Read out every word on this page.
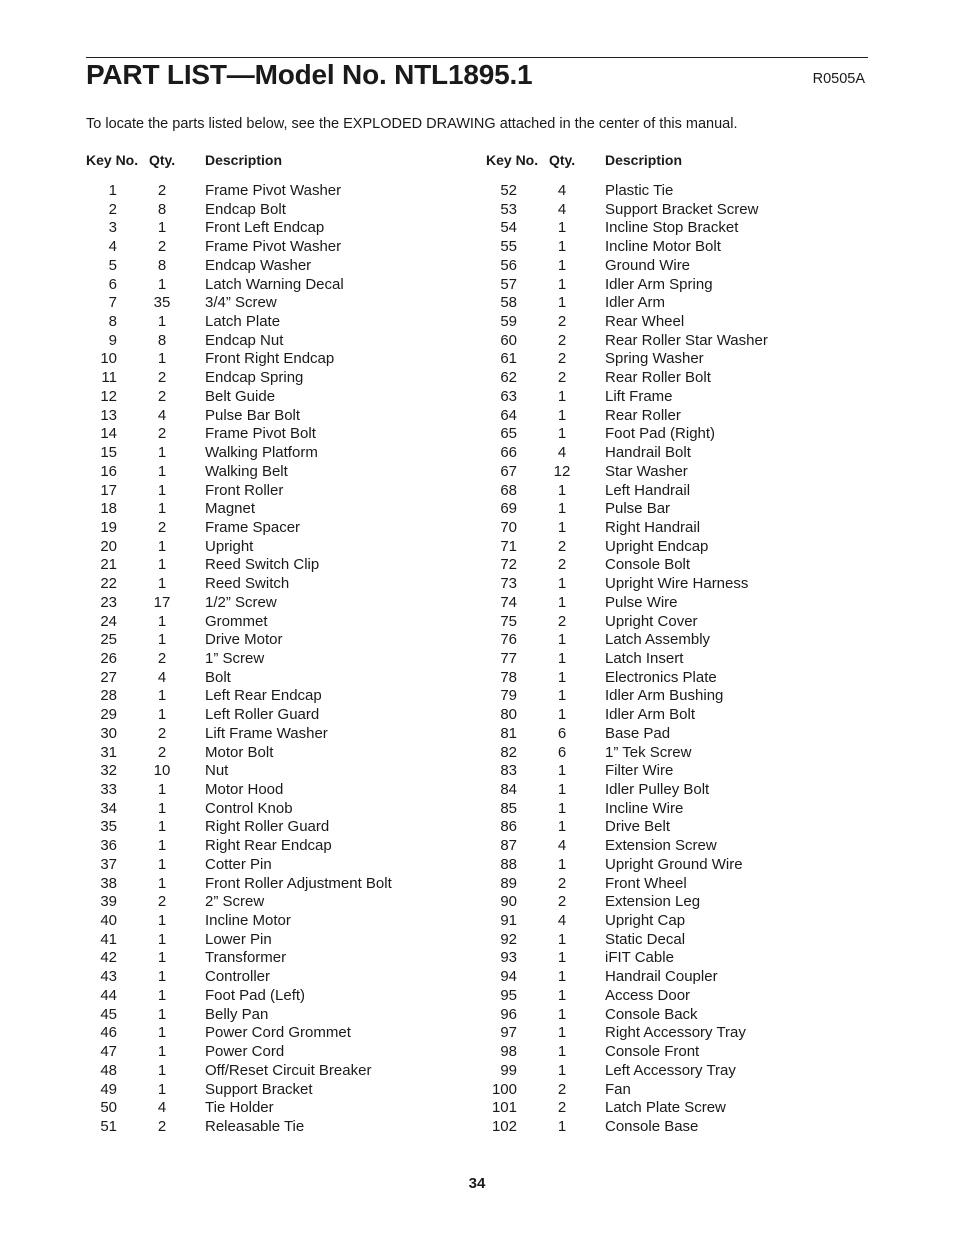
PART LIST—Model No. NTL1895.1	R0505A
To locate the parts listed below, see the EXPLODED DRAWING attached in the center of this manual.
Key No. Qty. Description
1	2	Frame Pivot Washer
2	8	Endcap Bolt
3	1	Front Left Endcap
4	2	Frame Pivot Washer
5	8	Endcap Washer
6	1	Latch Warning Decal
7	35	3/4” Screw
8	1	Latch Plate
9	8	Endcap Nut
10	1	Front Right Endcap
11	2	Endcap Spring
12	2	Belt Guide
13	4	Pulse Bar Bolt
14	2	Frame Pivot Bolt
15	1	Walking Platform
16	1	Walking Belt
17	1	Front Roller
18	1	Magnet
19	2	Frame Spacer
20	1	Upright
21	1	Reed Switch Clip
22	1	Reed Switch
23	17	1/2” Screw
24	1	Grommet
25	1	Drive Motor
26	2	1” Screw
27	4	Bolt
28	1	Left Rear Endcap
29	1	Left Roller Guard
30	2	Lift Frame Washer
31	2	Motor Bolt
32	10	Nut
33	1	Motor Hood
34	1	Control Knob
35	1	Right Roller Guard
36	1	Right Rear Endcap
37	1	Cotter Pin
38	1	Front Roller Adjustment Bolt
39	2	2” Screw
40	1	Incline Motor
41	1	Lower Pin
42	1	Transformer
43	1	Controller
44	1	Foot Pad (Left)
45	1	Belly Pan
46	1	Power Cord Grommet
47	1	Power Cord
48	1	Off/Reset Circuit Breaker
49	1	Support Bracket
50	4	Tie Holder
51	2	Releasable Tie
Key No. Qty. Description
52	4	Plastic Tie
53	4	Support Bracket Screw
54	1	Incline Stop Bracket
55	1	Incline Motor Bolt
56	1	Ground Wire
57	1	Idler Arm Spring
58	1	Idler Arm
59	2	Rear Wheel
60	2	Rear Roller Star Washer
61	2	Spring Washer
62	2	Rear Roller Bolt
63	1	Lift Frame
64	1	Rear Roller
65	1	Foot Pad (Right)
66	4	Handrail Bolt
67	12	Star Washer
68	1	Left Handrail
69	1	Pulse Bar
70	1	Right Handrail
71	2	Upright Endcap
72	2	Console Bolt
73	1	Upright Wire Harness
74	1	Pulse Wire
75	2	Upright Cover
76	1	Latch Assembly
77	1	Latch Insert
78	1	Electronics Plate
79	1	Idler Arm Bushing
80	1	Idler Arm Bolt
81	6	Base Pad
82	6	1” Tek Screw
83	1	Filter Wire
84	1	Idler Pulley Bolt
85	1	Incline Wire
86	1	Drive Belt
87	4	Extension Screw
88	1	Upright Ground Wire
89	2	Front Wheel
90	2	Extension Leg
91	4	Upright Cap
92	1	Static Decal
93	1	iFIT Cable
94	1	Handrail Coupler
95	1	Access Door
96	1	Console Back
97	1	Right Accessory Tray
98	1	Console Front
99	1	Left Accessory Tray
100	2	Fan
101	2	Latch Plate Screw
102	1	Console Base
34
